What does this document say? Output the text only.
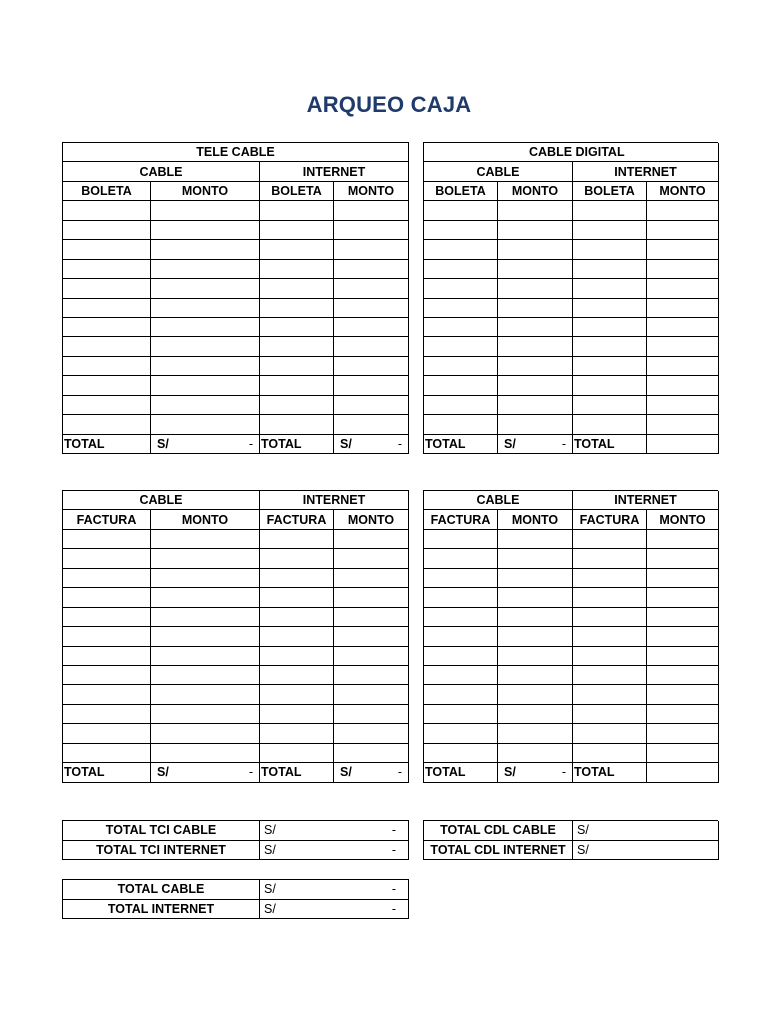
ARQUEO CAJA
TELE CABLE
CABLE	INTERNET
BOLETA	MONTO	BOLETA	MONTO
TOTAL	S/	- TOTAL	S/	-
CABLE DIGITAL
CABLE	INTERNET
BOLETA	MONTO	BOLETA	MONTO
TOTAL	S/	- TOTAL
CABLE	INTERNET
FACTURA	MONTO	FACTURA	MONTO
TOTAL	S/	- TOTAL	S/	-
CABLE	INTERNET
FACTURA	MONTO	FACTURA	MONTO
TOTAL	S/	- TOTAL
TOTAL TCI CABLE	S/	-
TOTAL TCI INTERNET	S/	-
TOTAL CDL CABLE	S/
TOTAL CDL INTERNET S/
TOTAL CABLE	S/	-
TOTAL INTERNET	S/	-
